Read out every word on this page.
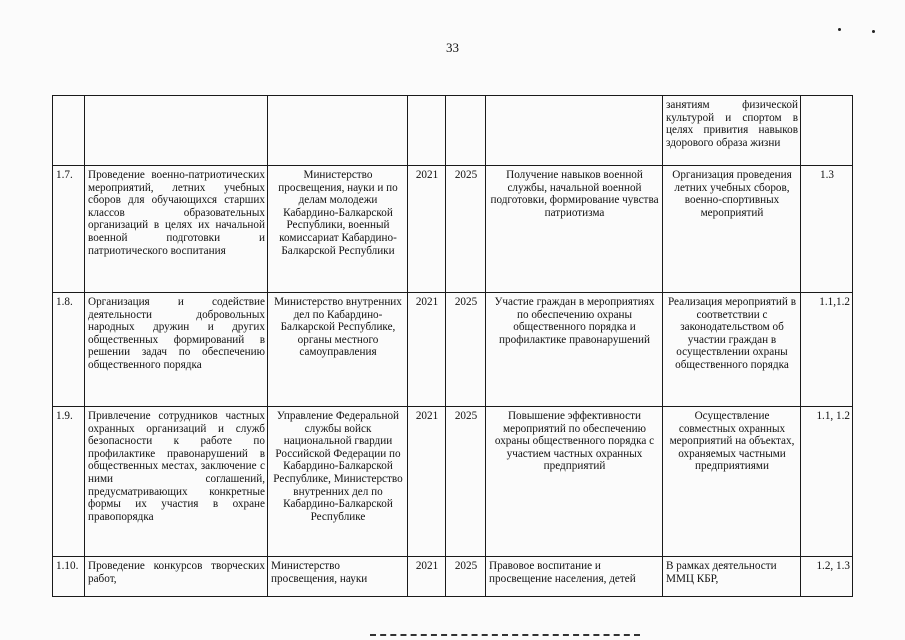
33
						занятиям физической культурой и спортом в целях привития навыков здорового образа жизни	
1.7.	Проведение военно-патриотических мероприятий, летних учебных сборов для обучающихся старших классов образовательных организаций в целях их начальной военной подготовки и патриотического воспитания	Министерство просвещения, науки и по делам молодежи Кабардино-Балкарской Республики, военный комиссариат Кабардино-Балкарской Республики	2021	2025	Получение навыков военной службы, начальной военной подготовки, формирование чувства патриотизма	Организация проведения летних учебных сборов, военно-спортивных мероприятий	1.3
1.8.	Организация и содействие деятельности добровольных народных дружин и других общественных формирований в решении задач по обеспечению общественного порядка	Министерство внутренних дел по Кабардино-Балкарской Республике, органы местного самоуправления	2021	2025	Участие граждан в мероприятиях по обеспечению охраны общественного порядка и профилактике правонарушений	Реализация мероприятий в соответствии с законодательством об участии граждан в осуществлении охраны общественного порядка	1.1,1.2
1.9.	Привлечение сотрудников частных охранных организаций и служб безопасности к работе по профилактике правонарушений в общественных местах, заключение с ними соглашений, предусматривающих конкретные формы их участия в охране правопорядка	Управление Федеральной службы войск национальной гвардии Российской Федерации по Кабардино-Балкарской Республике, Министерство внутренних дел по Кабардино-Балкарской Республике	2021	2025	Повышение эффективности мероприятий по обеспечению охраны общественного порядка с участием частных охранных предприятий	Осуществление совместных охранных мероприятий на объектах, охраняемых частными предприятиями	1.1, 1.2
1.10.	Проведение конкурсов творческих работ,	Министерство просвещения, науки	2021	2025	Правовое воспитание и просвещение населения, детей	В рамках деятельности ММЦ КБР,	1.2, 1.3
